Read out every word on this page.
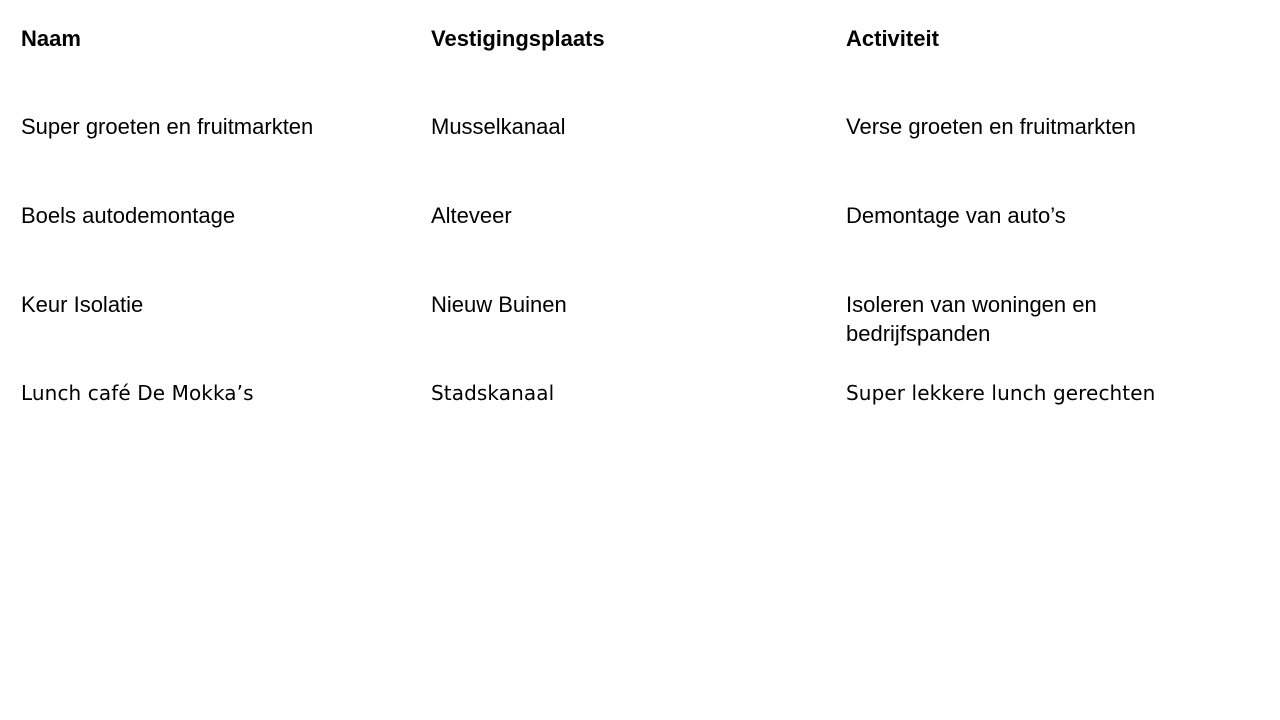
Naam	Vestigingsplaats	Activiteit
Super groeten en fruitmarkten	Musselkanaal	Verse groeten en fruitmarkten
Boels autodemontage	Alteveer	Demontage van auto’s
Keur Isolatie	Nieuw Buinen	Isoleren van woningen en bedrijfspanden
Lunch café De Mokka’s	Stadskanaal	Super lekkere lunch gerechten
